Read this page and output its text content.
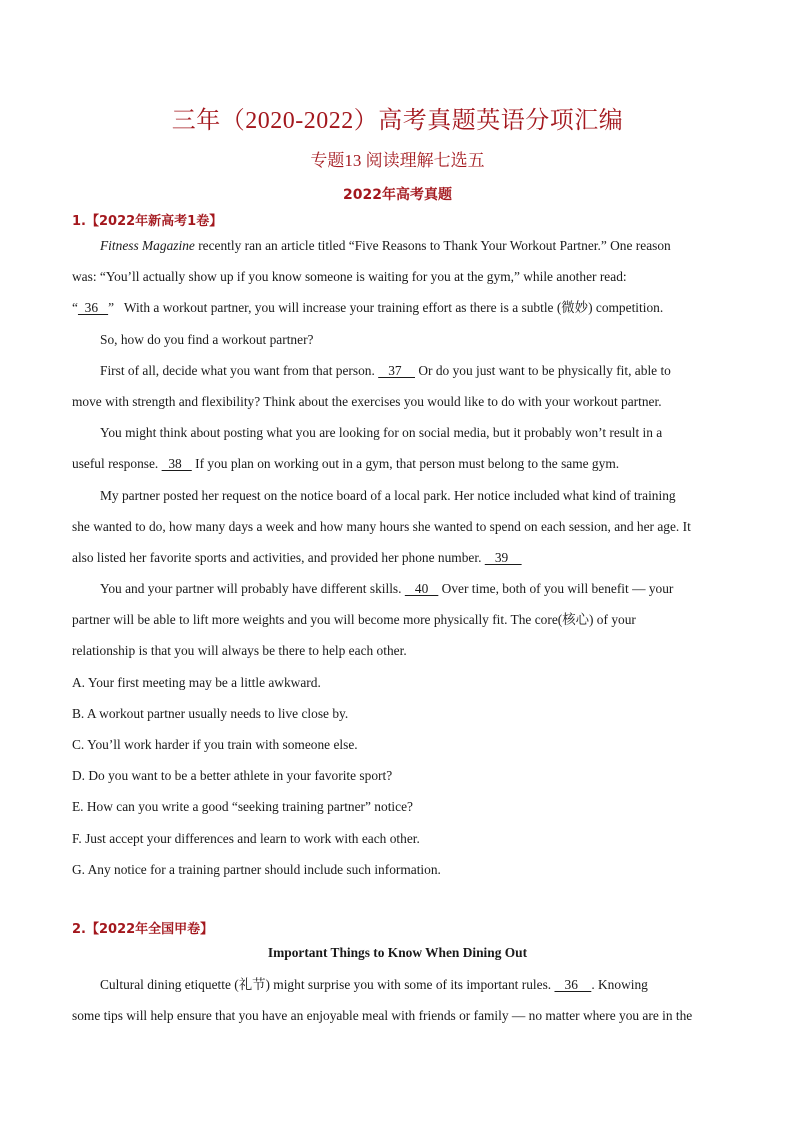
三年（2020-2022）高考真题英语分项汇编
专题13 阅读理解七选五
2022年高考真题
1.【2022年新高考1卷】
Fitness Magazine recently ran an article titled “Five Reasons to Thank Your Workout Partner.” One reason
was: “You’ll actually show up if you know someone is waiting for you at the gym,” while another read:
“  36   ”   With a workout partner, you will increase your training effort as there is a subtle (微妙) competition.
So, how do you find a workout partner?
First of all, decide what you want from that person.    37     Or do you just want to be physically fit, able to
move with strength and flexibility? Think about the exercises you would like to do with your workout partner.
You might think about posting what you are looking for on social media, but it probably won’t result in a
useful response.   38    If you plan on working out in a gym, that person must belong to the same gym.
My partner posted her request on the notice board of a local park. Her notice included what kind of training
she wanted to do, how many days a week and how many hours she wanted to spend on each session, and her age. It
also listed her favorite sports and activities, and provided her phone number.    39
You and your partner will probably have different skills.    40    Over time, both of you will benefit — your
partner will be able to lift more weights and you will become more physically fit. The core(核心) of your
relationship is that you will always be there to help each other.
A. Your first meeting may be a little awkward.
B. A workout partner usually needs to live close by.
C. You’ll work harder if you train with someone else.
D. Do you want to be a better athlete in your favorite sport?
E. How can you write a good “seeking training partner” notice?
F. Just accept your differences and learn to work with each other.
G. Any notice for a training partner should include such information.
2.【2022年全国甲卷】
Important Things to Know When Dining Out
Cultural dining etiquette (礼节) might surprise you with some of its important rules.    36    . Knowing
some tips will help ensure that you have an enjoyable meal with friends or family — no matter where you are in the
